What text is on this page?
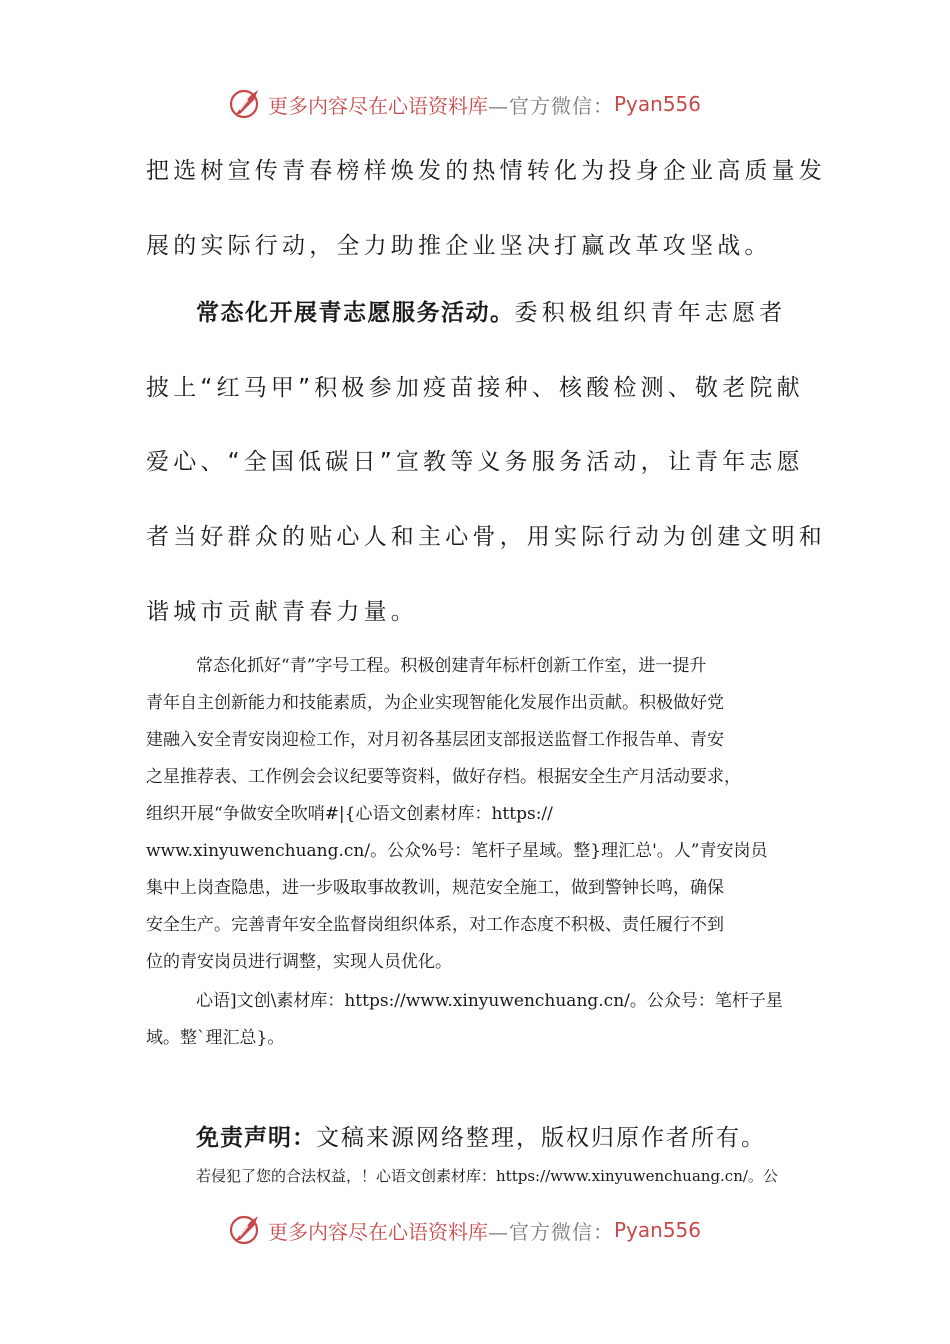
更多内容尽在心语资料库 —官方微信： Pyan556
把选树宣传青春榜样焕发的热情转化为投身企业高质量发
展的实际行动，全力助推企业坚决打赢改革攻坚战。
常态化开展青志愿服务活动。委积极组织青年志愿者
披上“红马甲”积极参加疫苗接种、核酸检测、敬老院献
爱心、“全国低碳日”宣教等义务服务活动，让青年志愿
者当好群众的贴心人和主心骨，用实际行动为创建文明和
谐城市贡献青春力量。
常态化抓好“青”字号工程。积极创建青年标杆创新工作室，进一提升
青年自主创新能力和技能素质，为企业实现智能化发展作出贡献。积极做好党
建融入安全青安岗迎检工作，对月初各基层团支部报送监督工作报告单、青安
之星推荐表、工作例会会议纪要等资料，做好存档。根据安全生产月活动要求，
组织开展“争做安全吹哨#|{心语文创素材库：https://
www.xinyuwenchuang.cn/。公众%号：笔杆子星域。整}理汇总'。人”青安岗员
集中上岗查隐患，进一步吸取事故教训，规范安全施工，做到警钟长鸣，确保
安全生产。完善青年安全监督岗组织体系，对工作态度不积极、责任履行不到
位的青安岗员进行调整，实现人员优化。
心语]文创\素材库：https://www.xinyuwenchuang.cn/。公众号：笔杆子星
域。整`理汇总}。
免责声明：文稿来源网络整理，版权归原作者所有。
若侵犯了您的合法权益，！心语文创素材库：https://www.xinyuwenchuang.cn/。公
更多内容尽在心语资料库 —官方微信： Pyan556
